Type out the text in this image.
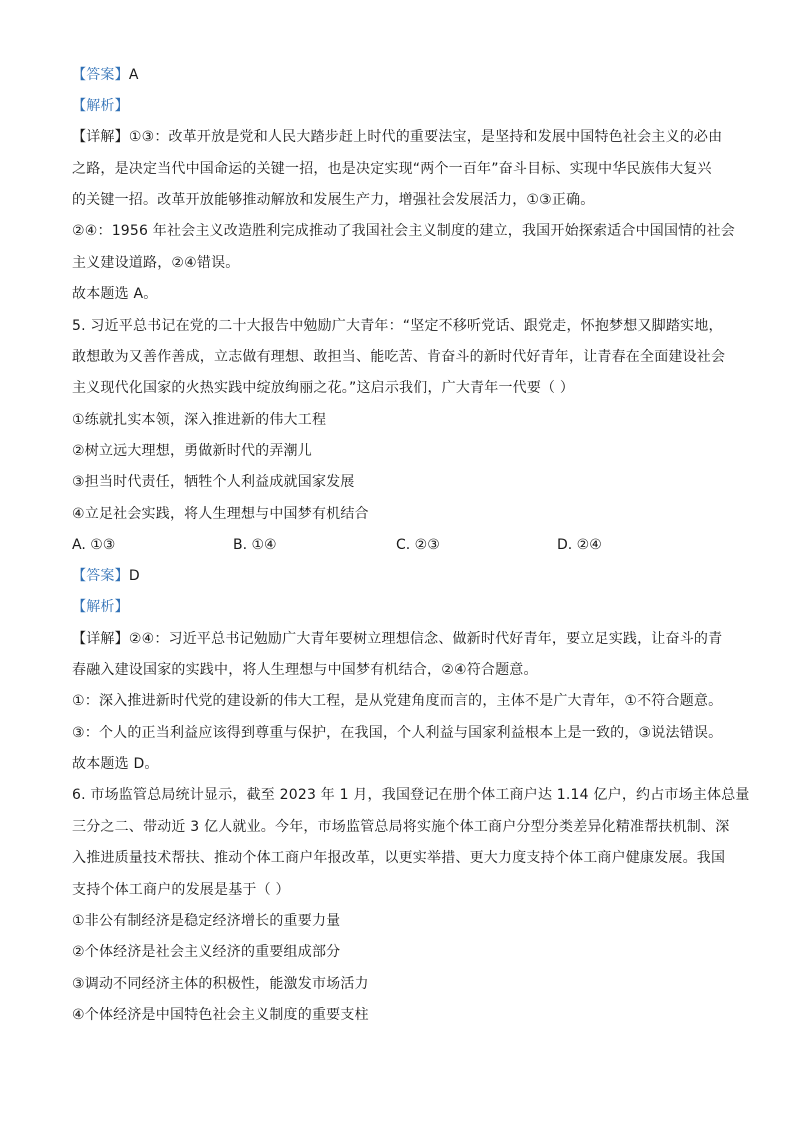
【答案】A
【解析】
【详解】①③：改革开放是党和人民大踏步赶上时代的重要法宝，是坚持和发展中国特色社会主义的必由
之路，是决定当代中国命运的关键一招，也是决定实现“两个一百年”奋斗目标、实现中华民族伟大复兴
的关键一招。改革开放能够推动解放和发展生产力，增强社会发展活力，①③正确。
②④：1956 年社会主义改造胜利完成推动了我国社会主义制度的建立，我国开始探索适合中国国情的社会
主义建设道路，②④错误。
故本题选 A。
5. 习近平总书记在党的二十大报告中勉励广大青年：“坚定不移听党话、跟党走，怀抱梦想又脚踏实地，
敢想敢为又善作善成，立志做有理想、敢担当、能吃苦、肯奋斗的新时代好青年，让青春在全面建设社会
主义现代化国家的火热实践中绽放绚丽之花。”这启示我们，广大青年一代要（ ）
①练就扎实本领，深入推进新的伟大工程
②树立远大理想，勇做新时代的弄潮儿
③担当时代责任，牺牲个人利益成就国家发展
④立足社会实践，将人生理想与中国梦有机结合
A. ①③	B. ①④	C. ②③	D. ②④
【答案】D
【解析】
【详解】②④：习近平总书记勉励广大青年要树立理想信念、做新时代好青年，要立足实践，让奋斗的青
春融入建设国家的实践中，将人生理想与中国梦有机结合，②④符合题意。
①：深入推进新时代党的建设新的伟大工程，是从党建角度而言的，主体不是广大青年，①不符合题意。
③：个人的正当利益应该得到尊重与保护，在我国，个人利益与国家利益根本上是一致的，③说法错误。
故本题选 D。
6. 市场监管总局统计显示，截至 2023 年 1 月，我国登记在册个体工商户达 1.14 亿户，约占市场主体总量
三分之二、带动近 3 亿人就业。今年，市场监管总局将实施个体工商户分型分类差异化精准帮扶机制、深
入推进质量技术帮扶、推动个体工商户年报改革，以更实举措、更大力度支持个体工商户健康发展。我国
支持个体工商户的发展是基于（ ）
①非公有制经济是稳定经济增长的重要力量
②个体经济是社会主义经济的重要组成部分
③调动不同经济主体的积极性，能激发市场活力
④个体经济是中国特色社会主义制度的重要支柱
